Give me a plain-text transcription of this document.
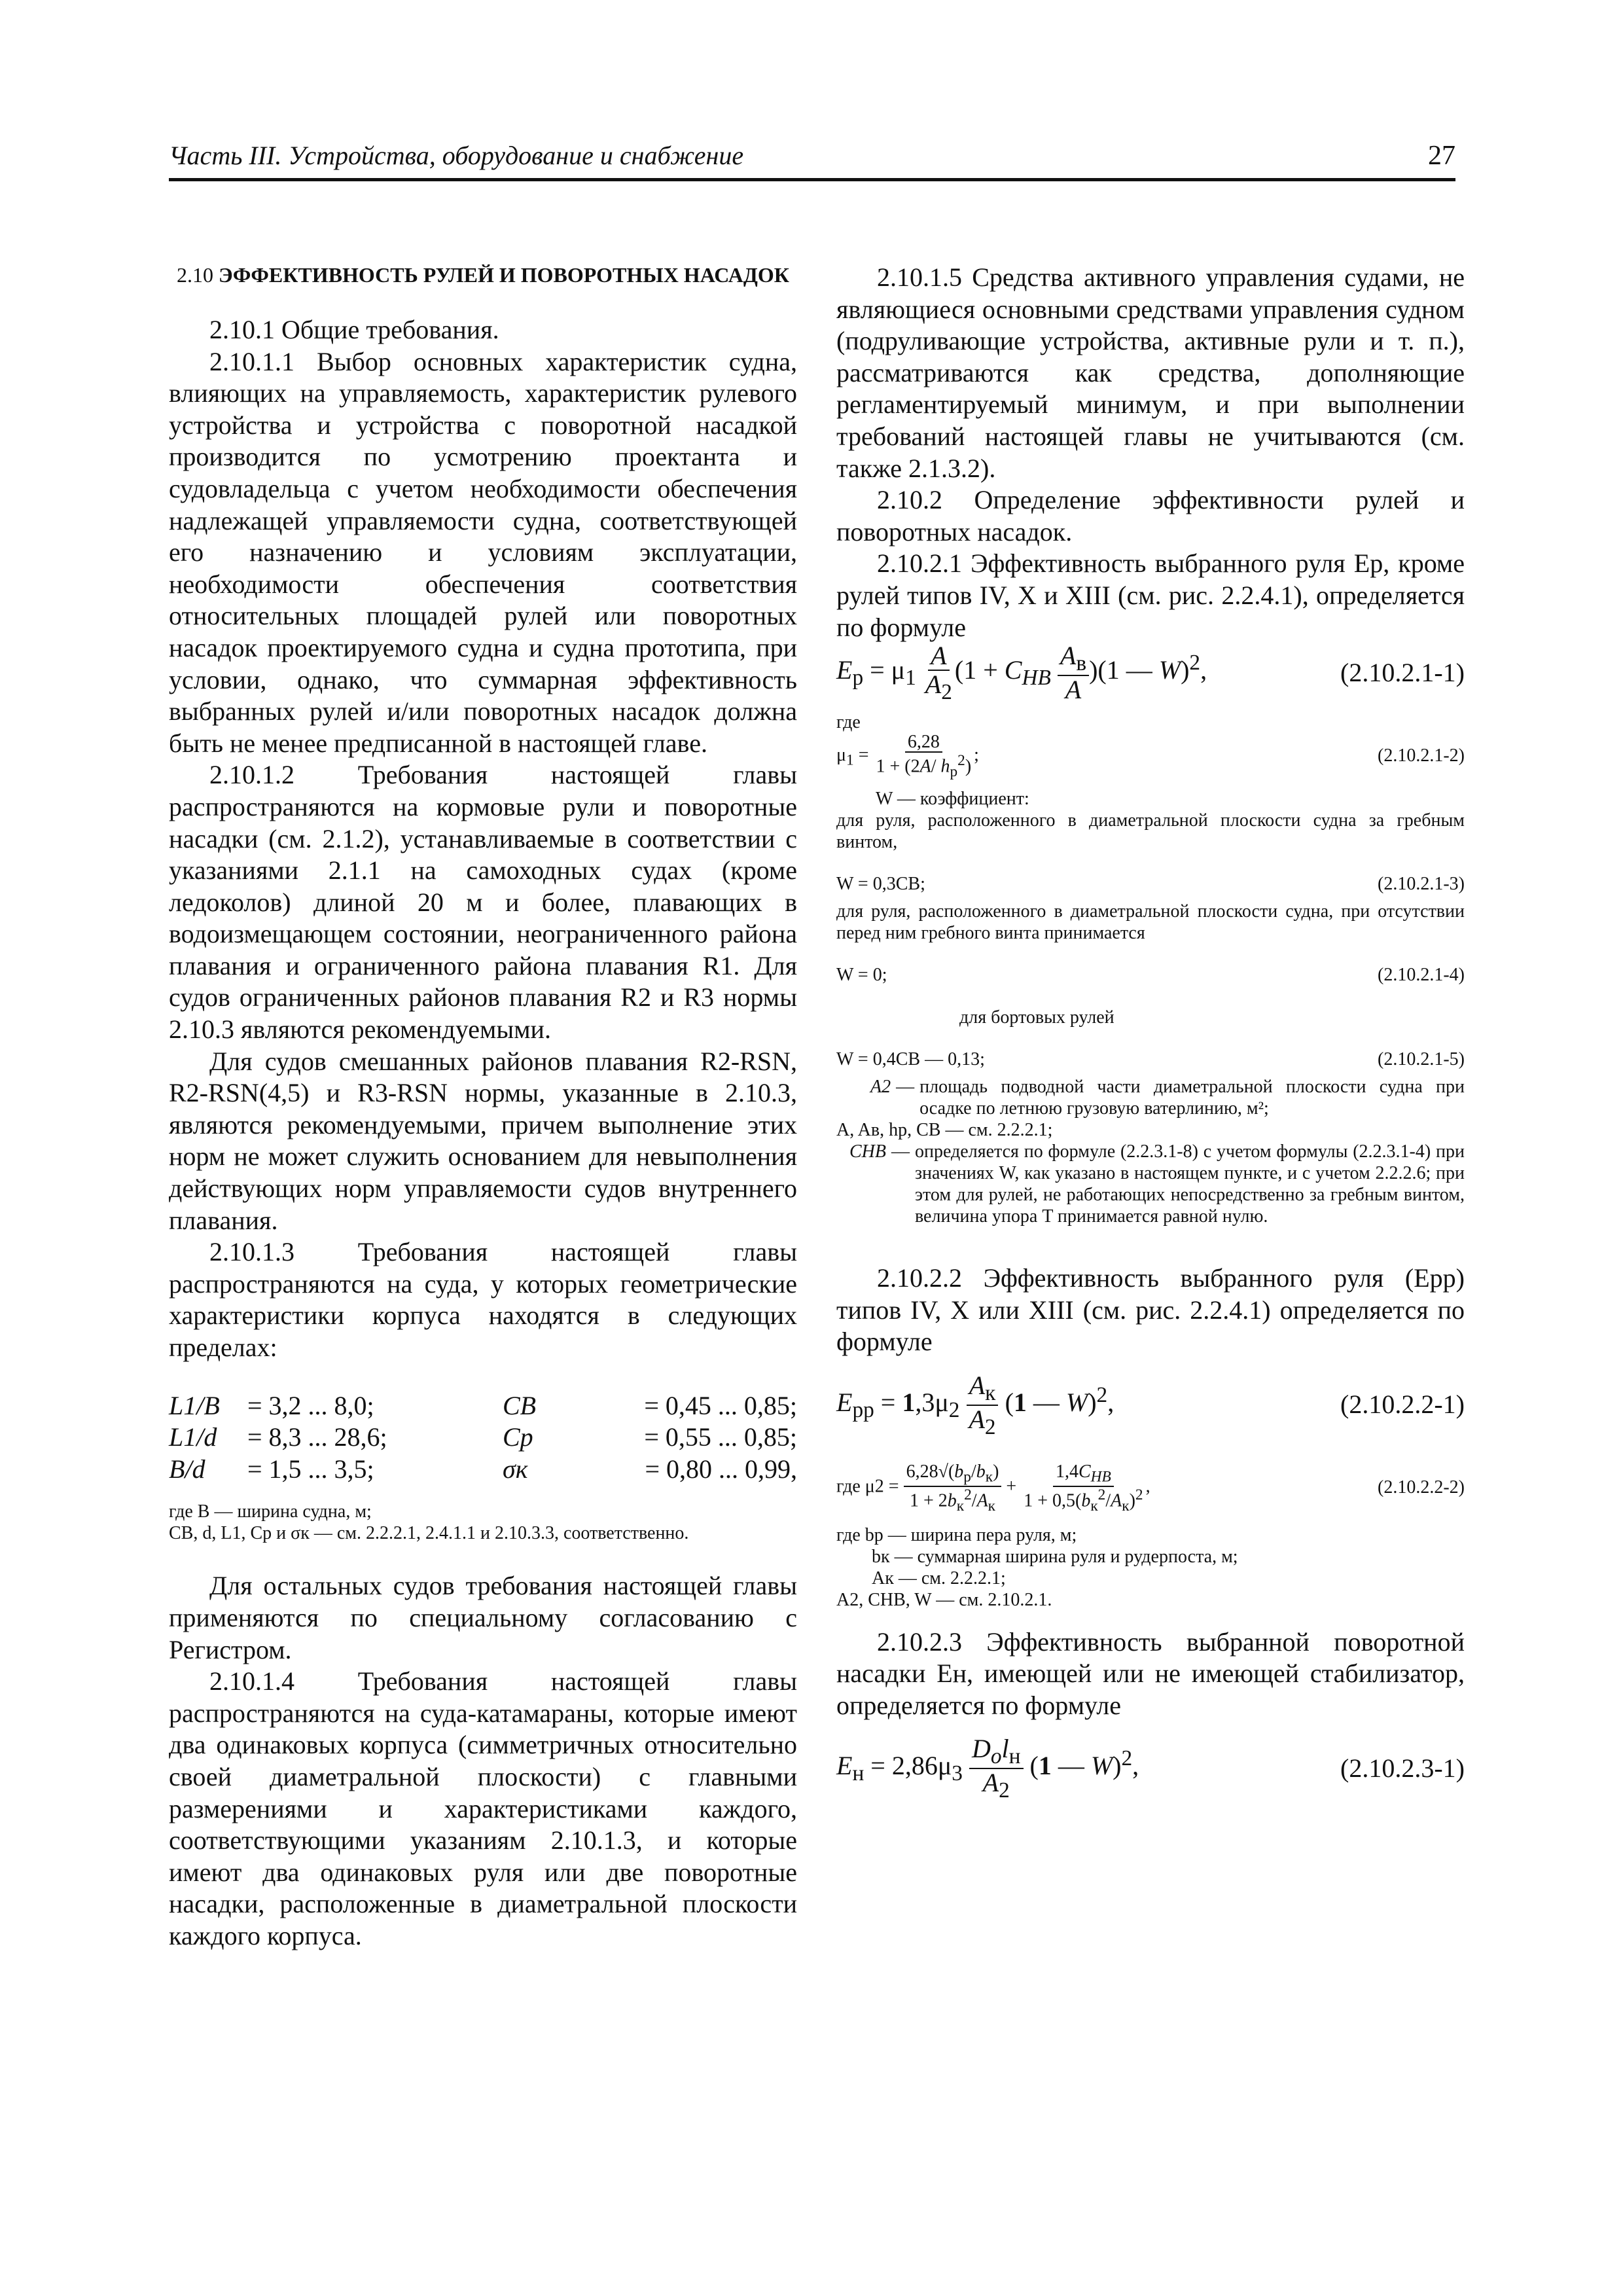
Часть III. Устройства, оборудование и снабжение	27
2.10 ЭФФЕКТИВНОСТЬ РУЛЕЙ И ПОВОРОТНЫХ НАСАДОК

2.10.1 Общие требования.

2.10.1.1 Выбор основных характеристик судна, влияющих на управляемость, характеристик рулевого устройства и устройства с поворотной насадкой производится по усмотрению проектанта и судовладельца с учетом необходимости обеспечения надлежащей управляемости судна, соответствующей его назначению и условиям эксплуатации, необходимости обеспечения соответствия относительных площадей рулей или поворотных насадок проектируемого судна и судна прототипа, при условии, однако, что суммарная эффективность выбранных рулей и/или поворотных насадок должна быть не менее предписанной в настоящей главе.

2.10.1.2 Требования настоящей главы распространяются на кормовые рули и поворотные насадки (см. 2.1.2), устанавливаемые в соответствии с указаниями 2.1.1 на самоходных судах (кроме ледоколов) длиной 20 м и более, плавающих в водоизмещающем состоянии, неограниченного района плавания и ограниченного района плавания R1. Для судов ограниченных районов плавания R2 и R3 нормы 2.10.3 являются рекомендуемыми.

Для судов смешанных районов плавания R2-RSN, R2-RSN(4,5) и R3-RSN нормы, указанные в 2.10.3, являются рекомендуемыми, причем выполнение этих норм не может служить основанием для невыполнения действующих норм управляемости судов внутреннего плавания.

2.10.1.3 Требования настоящей главы распространяются на суда, у которых геометрические характеристики корпуса находятся в следующих пределах:

L1/B	= 3,2 ... 8,0;	CB	= 0,45 ... 0,85;
L1/d	= 8,3 ... 28,6;	Cp	= 0,55 ... 0,85;
B/d	= 1,5 ... 3,5;	σк	= 0,80 ... 0,99,

где B — ширина судна, м;

CB, d, L1, Cp и σк — см. 2.2.2.1, 2.4.1.1 и 2.10.3.3, соответственно.

Для остальных судов требования настоящей главы применяются по специальному согласованию с Регистром.

2.10.1.4 Требования настоящей главы распространяются на суда-катамараны, которые имеют два одинаковых корпуса (симметричных относительно своей диаметральной плоскости) с главными размерениями и характеристиками каждого, соответствующими указаниям 2.10.1.3, и которые имеют два одинаковых руля или две поворотные насадки, расположенные в диаметральной плоскости каждого корпуса.

2.10.1.5 Средства активного управления судами, не являющиеся основными средствами управления судном (подруливающие устройства, активные рули и т. п.), рассматриваются как средства, дополняющие регламентируемый минимум, и при выполнении требований настоящей главы не учитываются (см. также 2.1.3.2).

2.10.2 Определение эффективности рулей и поворотных насадок.

2.10.2.1 Эффективность выбранного руля Eр, кроме рулей типов IV, X и XIII (см. рис. 2.2.4.1), определяется по формуле

$E_р = \mu_1 \frac{A}{A_2} (1 + C_{HB} \frac{A_в}{A} )(1$ — W)$^2$,	(2.10.2.1-1)

где

$\mu_1 = \frac{6,28}{1 + (2A/ h_р^2)}$ ;	(2.10.2.1-2)

W — коэффициент:

для руля, расположенного в диаметральной плоскости судна за гребным винтом,

W = 0,3CB;	(2.10.2.1-3)

для руля, расположенного в диаметральной плоскости судна, при отсутствии перед ним гребного винта принимается

W = 0;	(2.10.2.1-4)

для бортовых рулей

W = 0,4CB — 0,13;	(2.10.2.1-5)
A2 — площадь подводной части диаметральной плоскости судна при осадке по летнюю грузовую ватерлинию, м²;

A, Aв, hр, CB — см. 2.2.2.1;

CHB — определяется по формуле (2.2.3.1-8) с учетом формулы (2.2.3.1-4) при значениях W, как указано в настоящем пункте, и с учетом 2.2.2.6; при этом для рулей, не работающих непосредственно за гребным винтом, величина упора T принимается равной нулю.

2.10.2.2 Эффективность выбранного руля (Eрр) типов IV, X или XIII (см. рис. 2.2.4.1) определяется по формуле

$E_{рр} = 1,3\mu_2 \frac{A_к}{A_2} (1$ — W)$^2$,	(2.10.2.2-1)
где $\mu 2 = \frac{6,28√(b_р/b_к)}{1 + 2b_к^2/A_к} + \frac{1,4C_{HB}}{1 + 0,5(b_к^2/A_к)^2}$ ,	(2.10.2.2-2)

где bр — ширина пера руля, м;

bк — суммарная ширина руля и рудерпоста, м;

Aк — см. 2.2.2.1;

A2, CHB, W — см. 2.10.2.1.

2.10.2.3 Эффективность выбранной поворотной насадки Eн, имеющей или не имеющей стабилизатор, определяется по формуле

$E_н = 2,86\mu_3 \frac{D_ol_н}{A_2} (1$ — W)$^2$,	(2.10.2.3-1)
